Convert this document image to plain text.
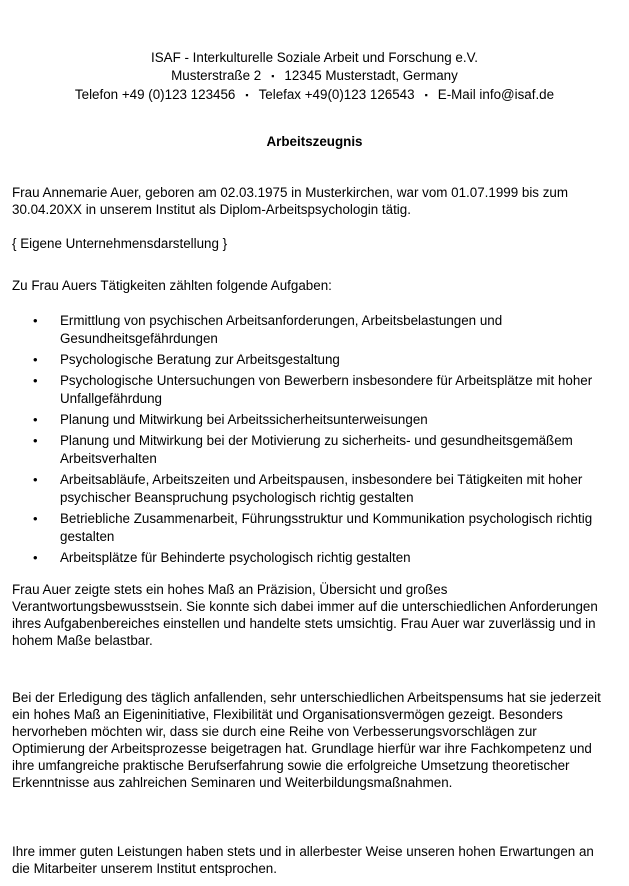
ISAF - Interkulturelle Soziale Arbeit und Forschung e.V.
Musterstraße 2 ▪ 12345 Musterstadt, Germany
Telefon +49 (0)123 123456 ▪ Telefax +49(0)123 126543 ▪ E-Mail info@isaf.de
Arbeitszeugnis

Frau Annemarie Auer, geboren am 02.03.1975 in Musterkirchen, war vom 01.07.1999 bis zum 30.04.20XX in unserem Institut als Diplom-Arbeitspsychologin tätig.

{ Eigene Unternehmensdarstellung }

Zu Frau Auers Tätigkeiten zählten folgende Aufgaben:

• Ermittlung von psychischen Arbeitsanforderungen, Arbeitsbelastungen und Gesundheitsgefährdungen
• Psychologische Beratung zur Arbeitsgestaltung
• Psychologische Untersuchungen von Bewerbern insbesondere für Arbeitsplätze mit hoher Unfallgefährdung
• Planung und Mitwirkung bei Arbeitssicherheitsunterweisungen
• Planung und Mitwirkung bei der Motivierung zu sicherheits- und gesundheitsgemäßem Arbeitsverhalten
• Arbeitsabläufe, Arbeitszeiten und Arbeitspausen, insbesondere bei Tätigkeiten mit hoher psychischer Beanspruchung psychologisch richtig gestalten
• Betriebliche Zusammenarbeit, Führungsstruktur und Kommunikation psychologisch richtig gestalten
• Arbeitsplätze für Behinderte psychologisch richtig gestalten

Frau Auer zeigte stets ein hohes Maß an Präzision, Übersicht und großes Verantwortungsbewusstsein. Sie konnte sich dabei immer auf die unterschiedlichen Anforderungen ihres Aufgabenbereiches einstellen und handelte stets umsichtig. Frau Auer war zuverlässig und in hohem Maße belastbar.

Bei der Erledigung des täglich anfallenden, sehr unterschiedlichen Arbeitspensums hat sie jederzeit ein hohes Maß an Eigeninitiative, Flexibilität und Organisationsvermögen gezeigt. Besonders hervorheben möchten wir, dass sie durch eine Reihe von Verbesserungsvorschlägen zur Optimierung der Arbeitsprozesse beigetragen hat. Grundlage hierfür war ihre Fachkompetenz und ihre umfangreiche praktische Berufserfahrung sowie die erfolgreiche Umsetzung theoretischer Erkenntnisse aus zahlreichen Seminaren und Weiterbildungsmaßnahmen.

Ihre immer guten Leistungen haben stets und in allerbester Weise unseren hohen Erwartungen an die Mitarbeiter unserem Institut entsprochen.
